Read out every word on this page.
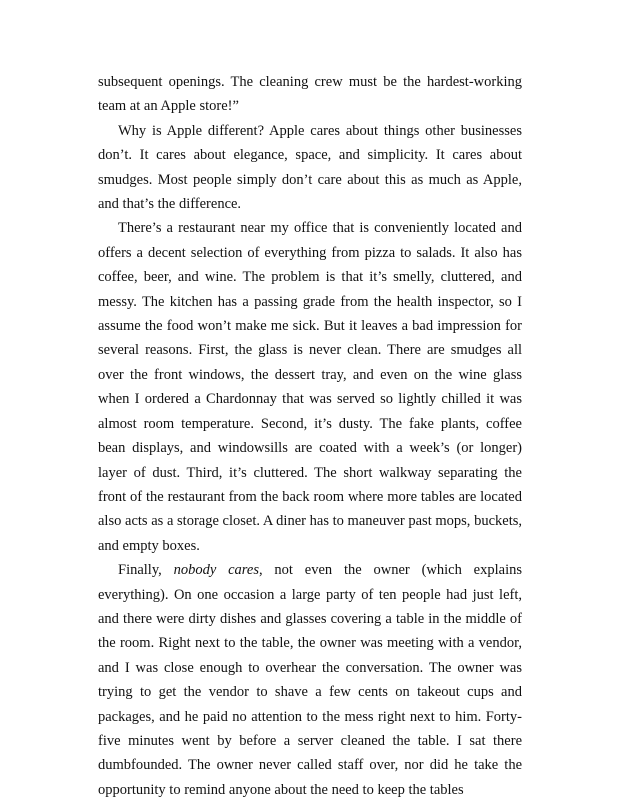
subsequent openings. The cleaning crew must be the hardest-working team at an Apple store!”

Why is Apple different? Apple cares about things other businesses don’t. It cares about elegance, space, and simplicity. It cares about smudges. Most people simply don’t care about this as much as Apple, and that’s the difference.

There’s a restaurant near my office that is conveniently located and offers a decent selection of everything from pizza to salads. It also has coffee, beer, and wine. The problem is that it’s smelly, cluttered, and messy. The kitchen has a passing grade from the health inspector, so I assume the food won’t make me sick. But it leaves a bad impression for several reasons. First, the glass is never clean. There are smudges all over the front windows, the dessert tray, and even on the wine glass when I ordered a Chardonnay that was served so lightly chilled it was almost room temperature. Second, it’s dusty. The fake plants, coffee bean displays, and windowsills are coated with a week’s (or longer) layer of dust. Third, it’s cluttered. The short walkway separating the front of the restaurant from the back room where more tables are located also acts as a storage closet. A diner has to maneuver past mops, buckets, and empty boxes.

Finally, nobody cares, not even the owner (which explains everything). On one occasion a large party of ten people had just left, and there were dirty dishes and glasses covering a table in the middle of the room. Right next to the table, the owner was meeting with a vendor, and I was close enough to overhear the conversation. The owner was trying to get the vendor to shave a few cents on takeout cups and packages, and he paid no attention to the mess right next to him. Forty-five minutes went by before a server cleaned the table. I sat there dumbfounded. The owner never called staff over, nor did he take the opportunity to remind anyone about the need to keep the tables
